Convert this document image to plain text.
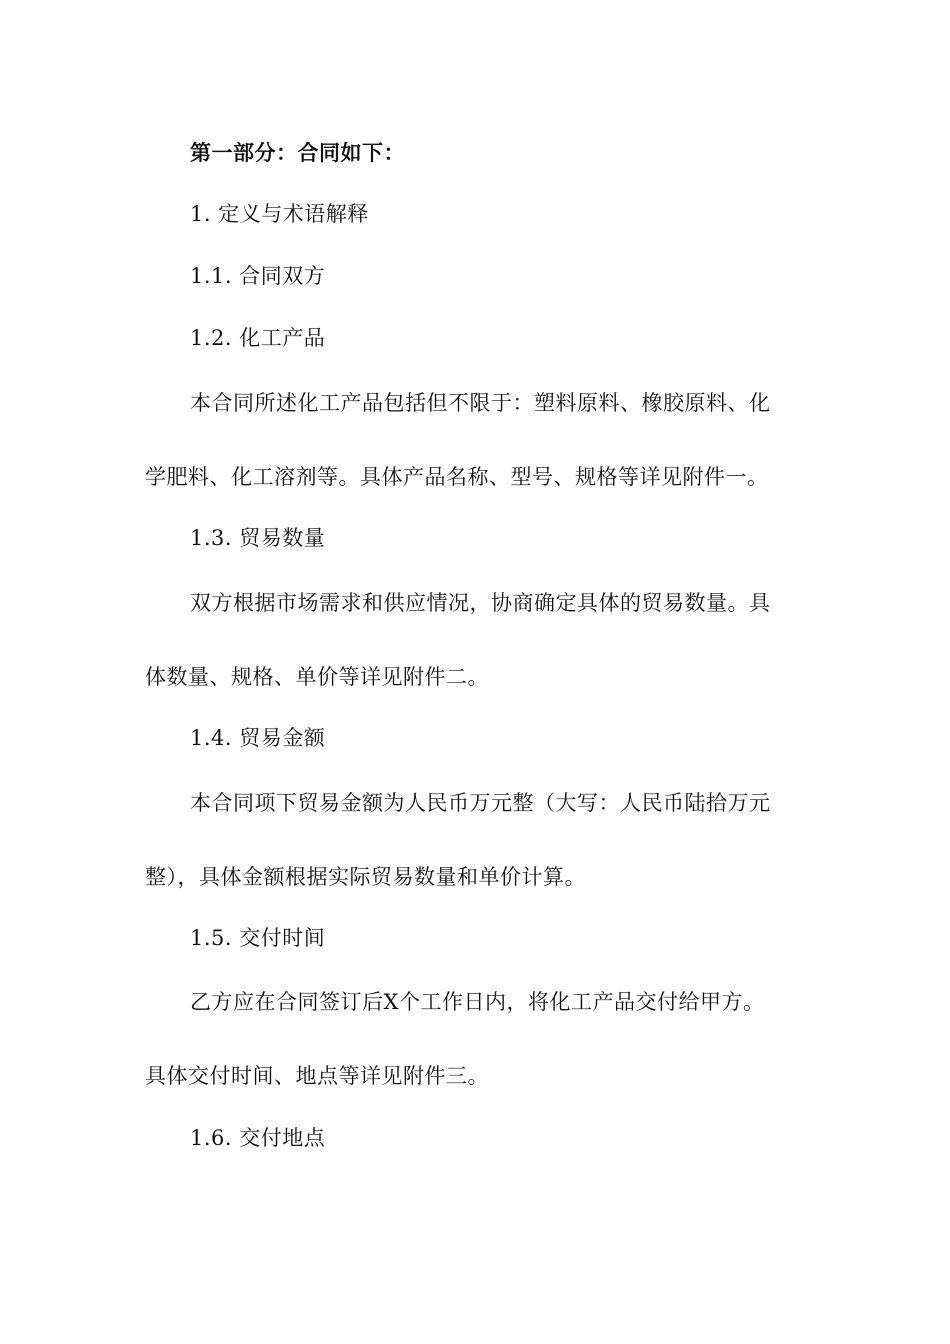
第一部分：合同如下：
1. 定义与术语解释
1.1. 合同双方
1.2. 化工产品
本合同所述化工产品包括但不限于：塑料原料、橡胶原料、化
学肥料、化工溶剂等。具体产品名称、型号、规格等详见附件一。
1.3. 贸易数量
双方根据市场需求和供应情况，协商确定具体的贸易数量。具
体数量、规格、单价等详见附件二。
1.4. 贸易金额
本合同项下贸易金额为人民币万元整（大写：人民币陆拾万元
整），具体金额根据实际贸易数量和单价计算。
1.5. 交付时间
乙方应在合同签订后X个工作日内，将化工产品交付给甲方。
具体交付时间、地点等详见附件三。
1.6. 交付地点
